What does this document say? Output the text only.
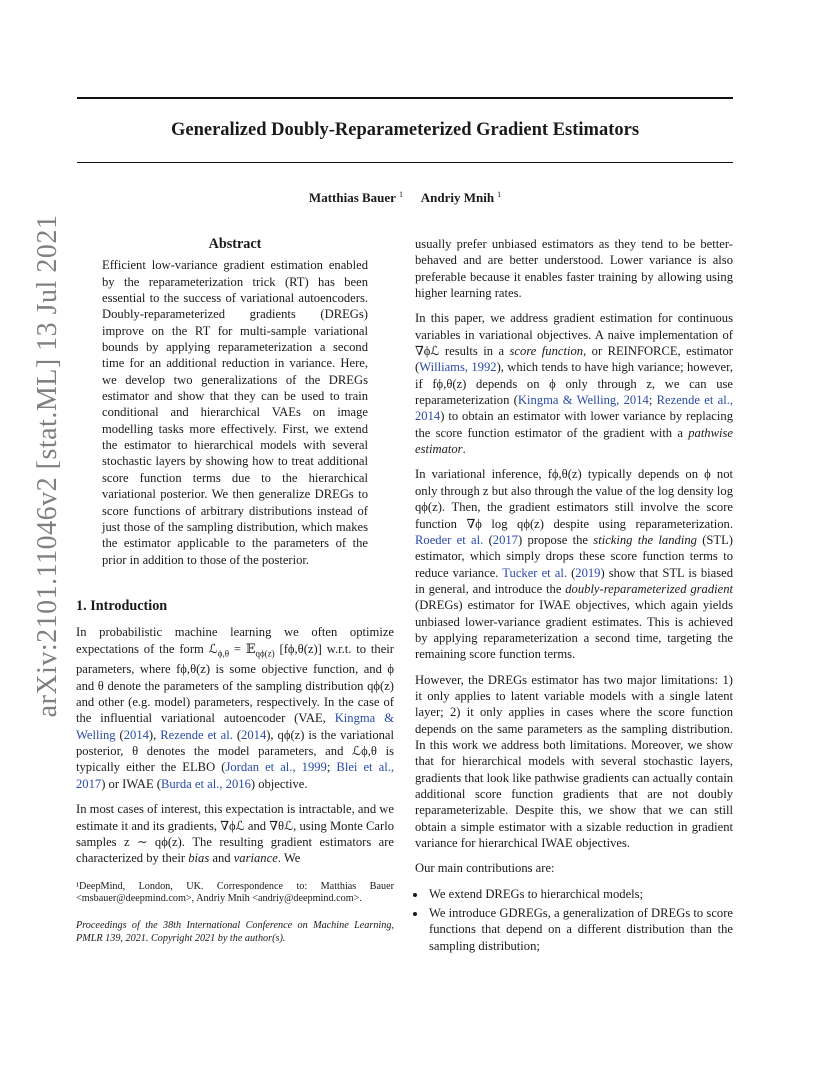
Generalized Doubly-Reparameterized Gradient Estimators
Matthias Bauer $^1$ Andriy Mnih $^1$
arXiv:2101.11046v2 [stat.ML] 13 Jul 2021	Abstract
Efficient low-variance gradient estimation enabled by the reparameterization trick (RT) has been essential to the success of variational autoencoders. Doubly-reparameterized gradients (DREGs) improve on the RT for multi-sample variational bounds by applying reparameterization a second time for an additional reduction in variance. Here, we develop two generalizations of the DREGs estimator and show that they can be used to train conditional and hierarchical VAEs on image modelling tasks more effectively. First, we extend the estimator to hierarchical models with several stochastic layers by showing how to treat additional score function terms due to the hierarchical variational posterior. We then generalize DREGs to score functions of arbitrary distributions instead of just those of the sampling distribution, which makes the estimator applicable to the parameters of the prior in addition to those of the posterior.
1. Introduction

In probabilistic machine learning we often optimize expectations of the form ℒ$_{\phi,\theta}$ = 𝔼$_{q\phi(z)}$ [fϕ,θ(z)] w.r.t. to their parameters, where fϕ,θ(z) is some objective function, and ϕ and θ denote the parameters of the sampling distribution qϕ(z) and other (e.g. model) parameters, respectively. In the case of the influential variational autoencoder (VAE, Kingma & Welling (2014), Rezende et al. (2014), qϕ(z) is the variational posterior, θ denotes the model parameters, and ℒϕ,θ is typically either the ELBO (Jordan et al., 1999; Blei et al., 2017) or IWAE (Burda et al., 2016) objective.

In most cases of interest, this expectation is intractable, and we estimate it and its gradients, ∇ϕℒ and ∇θℒ, using Monte Carlo samples z ∼ qϕ(z). The resulting gradient estimators are characterized by their bias and variance. We

¹DeepMind, London, UK. Correspondence to: Matthias Bauer <msbauer@deepmind.com>, Andriy Mnih <andriy@deepmind.com>.
Proceedings of the 38th International Conference on Machine Learning, PMLR 139, 2021. Copyright 2021 by the author(s).

usually prefer unbiased estimators as they tend to be better-behaved and are better understood. Lower variance is also preferable because it enables faster training by allowing using higher learning rates.

In this paper, we address gradient estimation for continuous variables in variational objectives. A naive implementation of ∇ϕℒ results in a score function, or REINFORCE, estimator (Williams, 1992), which tends to have high variance; however, if fϕ,θ(z) depends on ϕ only through z, we can use reparameterization (Kingma & Welling, 2014; Rezende et al., 2014) to obtain an estimator with lower variance by replacing the score function estimator of the gradient with a pathwise estimator.

In variational inference, fϕ,θ(z) typically depends on ϕ not only through z but also through the value of the log density log qϕ(z). Then, the gradient estimators still involve the score function ∇ϕ log qϕ(z) despite using reparameterization. Roeder et al. (2017) propose the sticking the landing (STL) estimator, which simply drops these score function terms to reduce variance. Tucker et al. (2019) show that STL is biased in general, and introduce the doubly-reparameterized gradient (DREGs) estimator for IWAE objectives, which again yields unbiased lower-variance gradient estimates. This is achieved by applying reparameterization a second time, targeting the remaining score function terms.

However, the DREGs estimator has two major limitations: 1) it only applies to latent variable models with a single latent layer; 2) it only applies in cases where the score function depends on the same parameters as the sampling distribution. In this work we address both limitations. Moreover, we show that for hierarchical models with several stochastic layers, gradients that look like pathwise gradients can actually contain additional score function gradients that are not doubly reparameterizable. Despite this, we show that we can still obtain a simple estimator with a sizable reduction in gradient variance for hierarchical IWAE objectives.

Our main contributions are:

• We extend DREGs to hierarchical models;
• We introduce GDREGs, a generalization of DREGs to score functions that depend on a different distribution than the sampling distribution;
